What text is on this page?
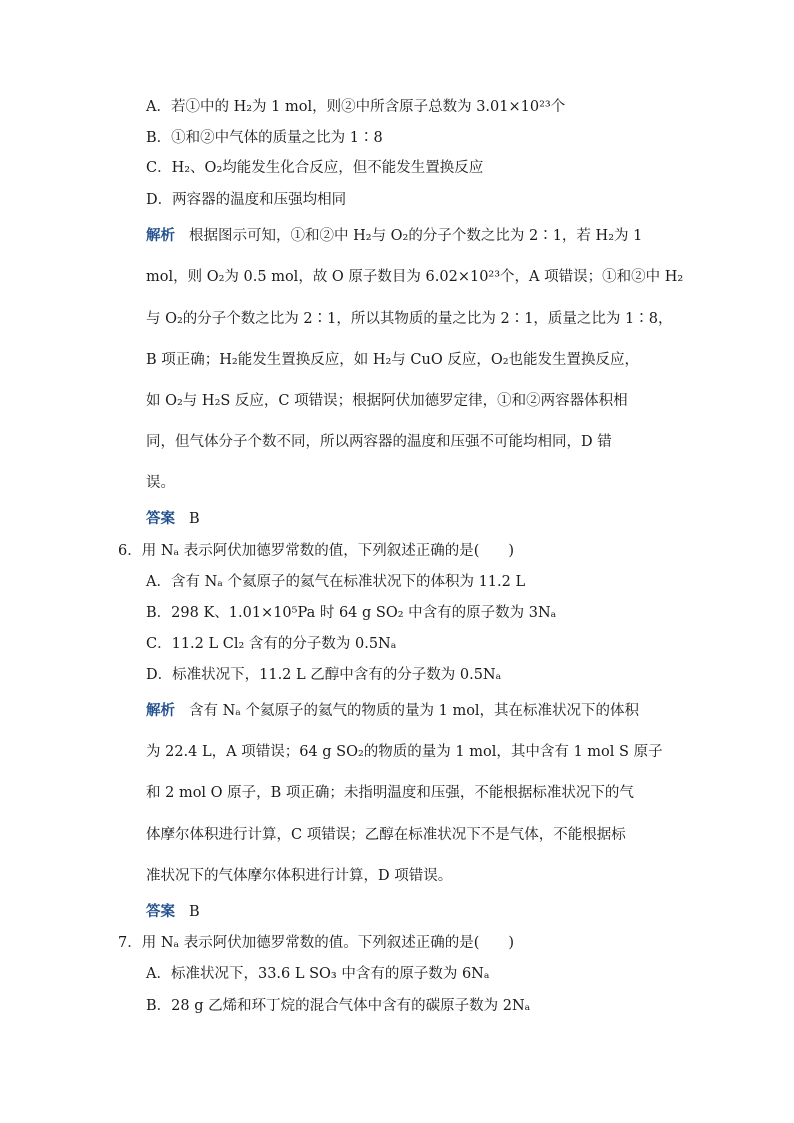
A．若①中的 H₂为 1 mol，则②中所含原子总数为 3.01×10²³个
B．①和②中气体的质量之比为 1∶8
C．H₂、O₂均能发生化合反应，但不能发生置换反应
D．两容器的温度和压强均相同
解析 根据图示可知，①和②中 H₂与 O₂的分子个数之比为 2∶1，若 H₂为 1
mol，则 O₂为 0.5 mol，故 O 原子数目为 6.02×10²³个，A 项错误；①和②中 H₂
与 O₂的分子个数之比为 2∶1，所以其物质的量之比为 2∶1，质量之比为 1∶8，
B 项正确；H₂能发生置换反应，如 H₂与 CuO 反应，O₂也能发生置换反应，
如 O₂与 H₂S 反应，C 项错误；根据阿伏加德罗定律，①和②两容器体积相
同，但气体分子个数不同，所以两容器的温度和压强不可能均相同，D 错
误。
答案 B
6．用 Nₐ 表示阿伏加德罗常数的值，下列叙述正确的是(　　)
A．含有 Nₐ 个氦原子的氦气在标准状况下的体积为 11.2 L
B．298 K、1.01×10⁵Pa 时 64 g SO₂ 中含有的原子数为 3Nₐ
C．11.2 L Cl₂ 含有的分子数为 0.5Nₐ
D．标准状况下，11.2 L 乙醇中含有的分子数为 0.5Nₐ
解析 含有 Nₐ 个氦原子的氦气的物质的量为 1 mol，其在标准状况下的体积
为 22.4 L，A 项错误；64 g SO₂的物质的量为 1 mol，其中含有 1 mol S 原子
和 2 mol O 原子，B 项正确；未指明温度和压强，不能根据标准状况下的气
体摩尔体积进行计算，C 项错误；乙醇在标准状况下不是气体，不能根据标
准状况下的气体摩尔体积进行计算，D 项错误。
答案 B
7．用 Nₐ 表示阿伏加德罗常数的值。下列叙述正确的是(　　)
A．标准状况下，33.6 L SO₃ 中含有的原子数为 6Nₐ
B．28 g 乙烯和环丁烷的混合气体中含有的碳原子数为 2Nₐ
